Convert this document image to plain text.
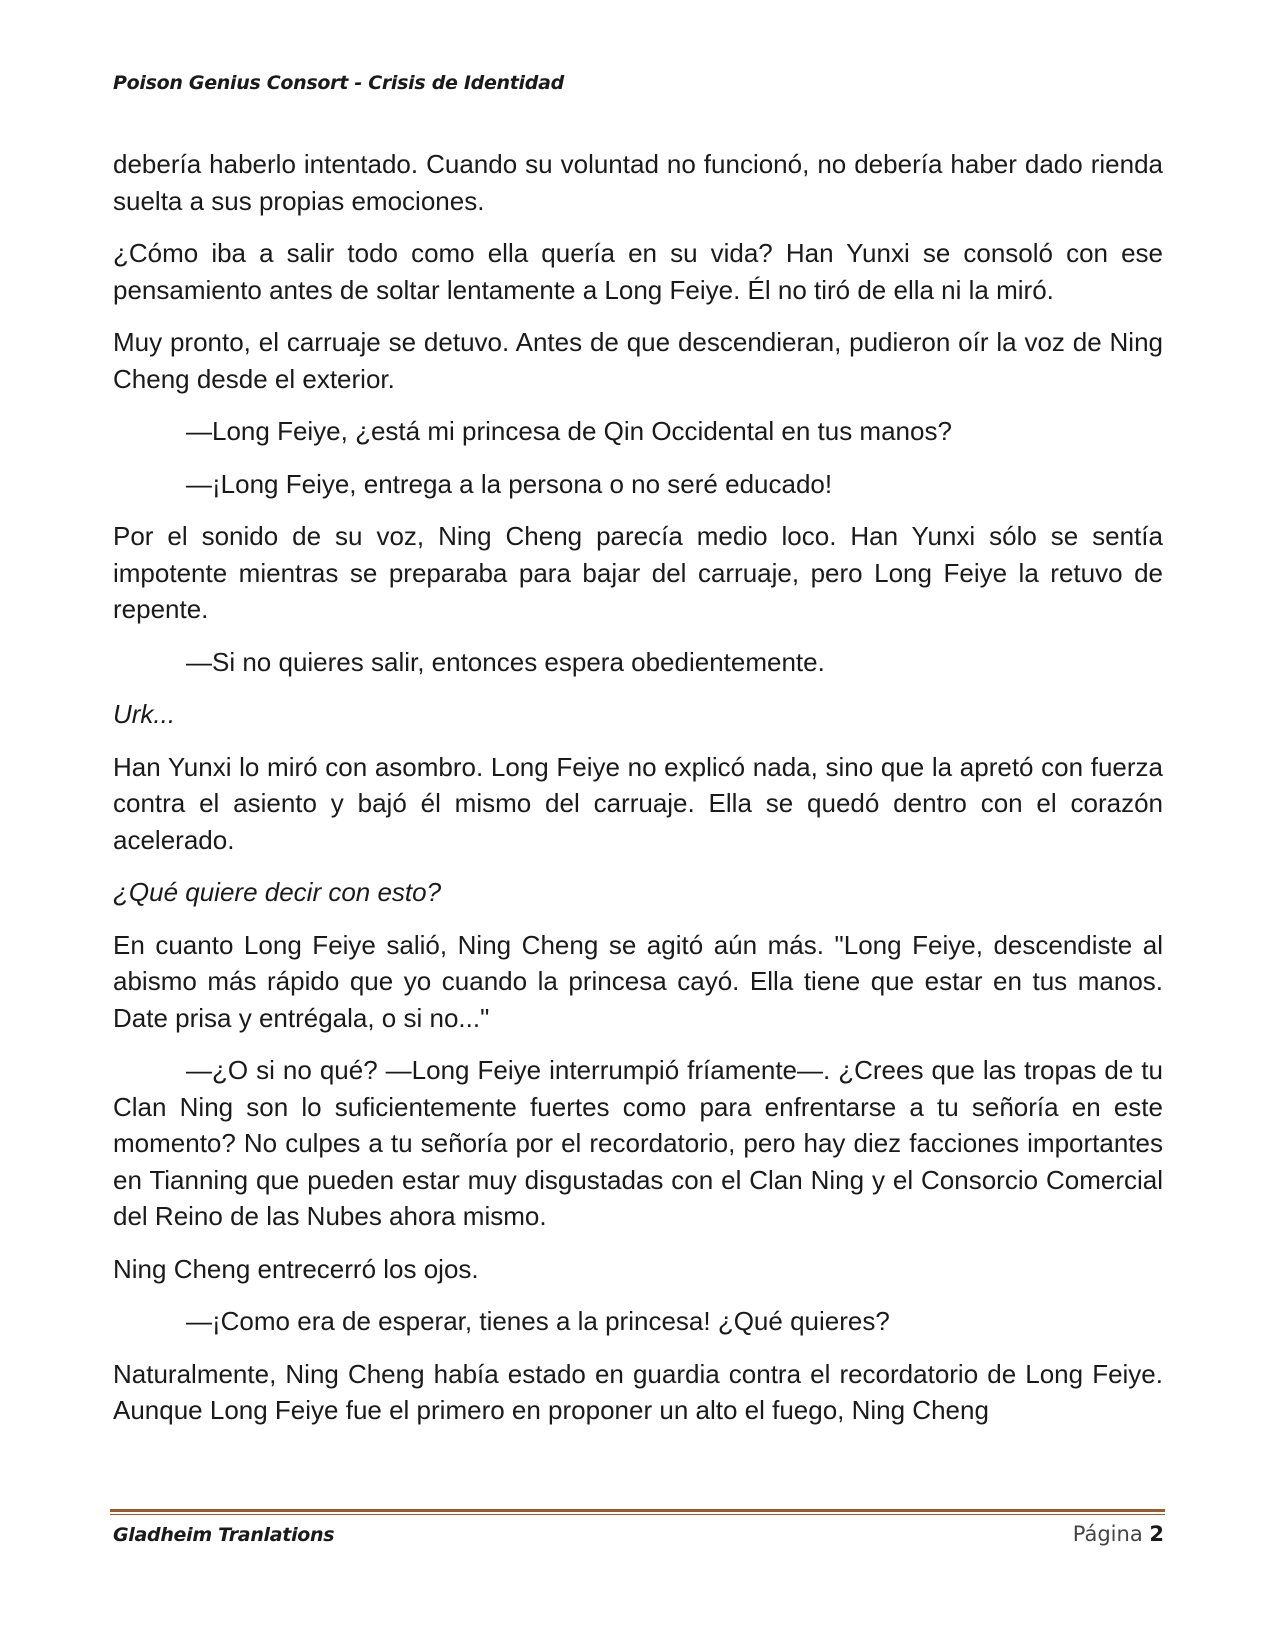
Poison Genius Consort - Crisis de Identidad

debería haberlo intentado. Cuando su voluntad no funcionó, no debería haber dado rienda suelta a sus propias emociones.

¿Cómo iba a salir todo como ella quería en su vida? Han Yunxi se consoló con ese pensamiento antes de soltar lentamente a Long Feiye. Él no tiró de ella ni la miró.

Muy pronto, el carruaje se detuvo. Antes de que descendieran, pudieron oír la voz de Ning Cheng desde el exterior.

—Long Feiye, ¿está mi princesa de Qin Occidental en tus manos?

—¡Long Feiye, entrega a la persona o no seré educado!

Por el sonido de su voz, Ning Cheng parecía medio loco. Han Yunxi sólo se sentía impotente mientras se preparaba para bajar del carruaje, pero Long Feiye la retuvo de repente.

—Si no quieres salir, entonces espera obedientemente.

Urk...

Han Yunxi lo miró con asombro. Long Feiye no explicó nada, sino que la apretó con fuerza contra el asiento y bajó él mismo del carruaje. Ella se quedó dentro con el corazón acelerado.

¿Qué quiere decir con esto?

En cuanto Long Feiye salió, Ning Cheng se agitó aún más. "Long Feiye, descendiste al abismo más rápido que yo cuando la princesa cayó. Ella tiene que estar en tus manos. Date prisa y entrégala, o si no..."

—¿O si no qué? —Long Feiye interrumpió fríamente—. ¿Crees que las tropas de tu Clan Ning son lo suficientemente fuertes como para enfrentarse a tu señoría en este momento? No culpes a tu señoría por el recordatorio, pero hay diez facciones importantes en Tianning que pueden estar muy disgustadas con el Clan Ning y el Consorcio Comercial del Reino de las Nubes ahora mismo.

Ning Cheng entrecerró los ojos.

—¡Como era de esperar, tienes a la princesa! ¿Qué quieres?

Naturalmente, Ning Cheng había estado en guardia contra el recordatorio de Long Feiye. Aunque Long Feiye fue el primero en proponer un alto el fuego, Ning Cheng

Gladheim Tranlations	Página 2
